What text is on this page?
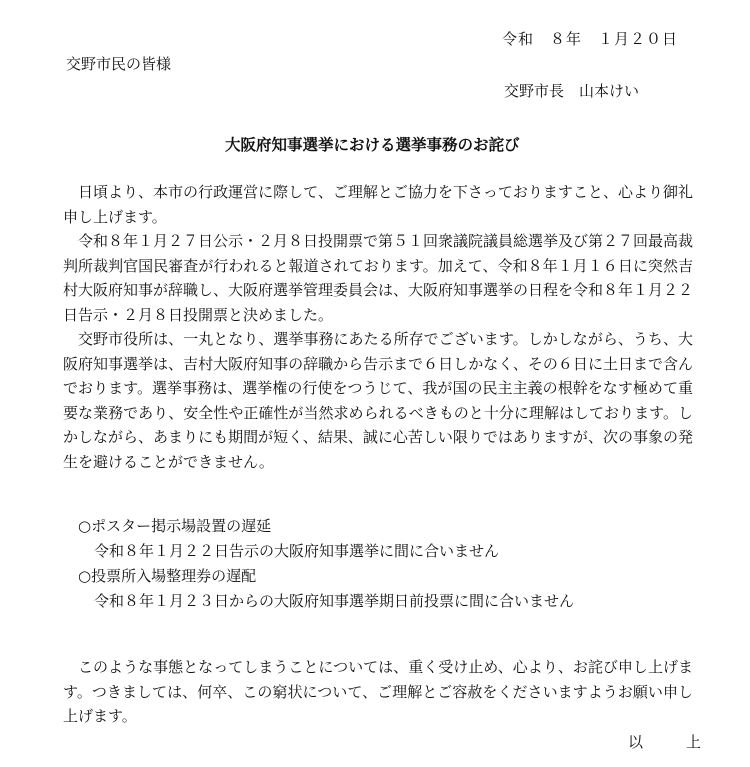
令和　８年　１月２０日
交野市民の皆様
交野市長　山本けい
大阪府知事選挙における選挙事務のお詫び

日頃より、本市の行政運営に際して、ご理解とご協力を下さっておりますこと、心より御礼申し上げます。

令和８年１月２７日公示・２月８日投開票で第５１回衆議院議員総選挙及び第２７回最高裁判所裁判官国民審査が行われると報道されております。加えて、令和８年１月１６日に突然吉村大阪府知事が辞職し、大阪府選挙管理委員会は、大阪府知事選挙の日程を令和８年１月２２日告示・２月８日投開票と決めました。

交野市役所は、一丸となり、選挙事務にあたる所存でございます。しかしながら、うち、大阪府知事選挙は、吉村大阪府知事の辞職から告示まで６日しかなく、その６日に土日まで含んでおります。選挙事務は、選挙権の行使をつうじて、我が国の民主主義の根幹をなす極めて重要な業務であり、安全性や正確性が当然求められるべきものと十分に理解はしております。しかしながら、あまりにも期間が短く、結果、誠に心苦しい限りではありますが、次の事象の発生を避けることができません。

○ポスター掲示場設置の遅延
令和８年１月２２日告示の大阪府知事選挙に間に合いません
○投票所入場整理券の遅配
令和８年１月２３日からの大阪府知事選挙期日前投票に間に合いません

このような事態となってしまうことについては、重く受け止め、心より、お詫び申し上げます。つきましては、何卒、この窮状について、ご理解とご容赦をくださいますようお願い申し上げます。

以　上
